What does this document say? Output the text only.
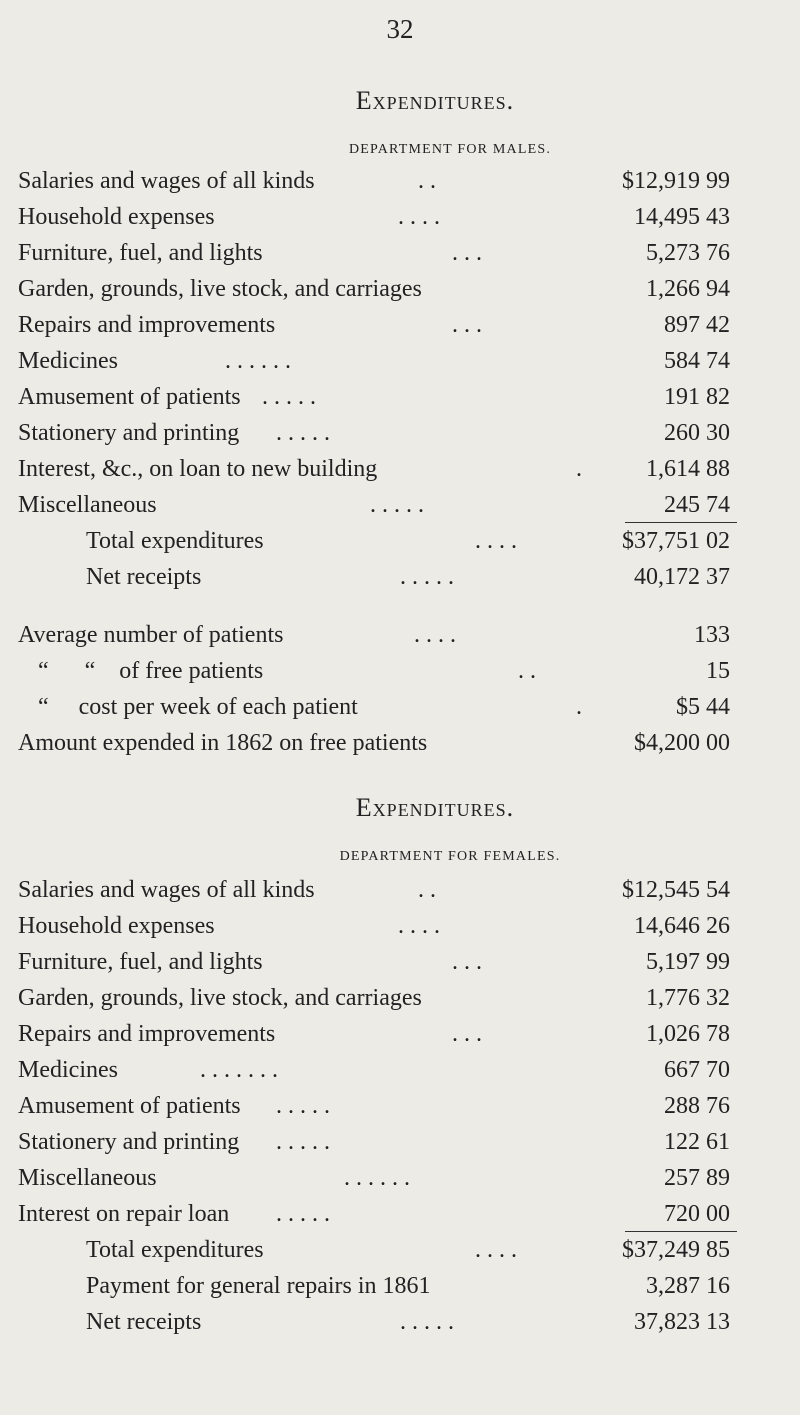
32
Expenditures.
DEPARTMENT FOR MALES.
Salaries and wages of all kinds	. .	$12,919 99
Household expenses	. . . .	14,495 43
Furniture, fuel, and lights	. . .	5,273 76
Garden, grounds, live stock, and carriages	1,266 94
Repairs and improvements	. . .	897 42
Medicines	. . . . . .	584 74
Amusement of patients . . . . .	191 82
Stationery and printing . . . . .	260 30
Interest, &c., on loan to new building	.	1,614 88
Miscellaneous	. . . . .	245 74
Total expenditures	. . . .	$37,751 02
Net receipts	. . . . .	40,172 37
Average number of patients	. . . .	133
“      “    of free patients	. .	15
“     cost per week of each patient	.	$5 44
Amount expended in 1862 on free patients	$4,200 00
Expenditures.
DEPARTMENT FOR FEMALES.
Salaries and wages of all kinds	. .	$12,545 54
Household expenses	. . . .	14,646 26
Furniture, fuel, and lights	. . .	5,197 99
Garden, grounds, live stock, and carriages	1,776 32
Repairs and improvements	. . .	1,026 78
Medicines	. . . . . . .	667 70
Amusement of patients . . . . .	288 76
Stationery and printing . . . . .	122 61
Miscellaneous	. . . . . .	257 89
Interest on repair loan . . . . .	720 00
Total expenditures	. . . .	$37,249 85
Payment for general repairs in 1861	3,287 16
Net receipts	. . . . .	37,823 13
